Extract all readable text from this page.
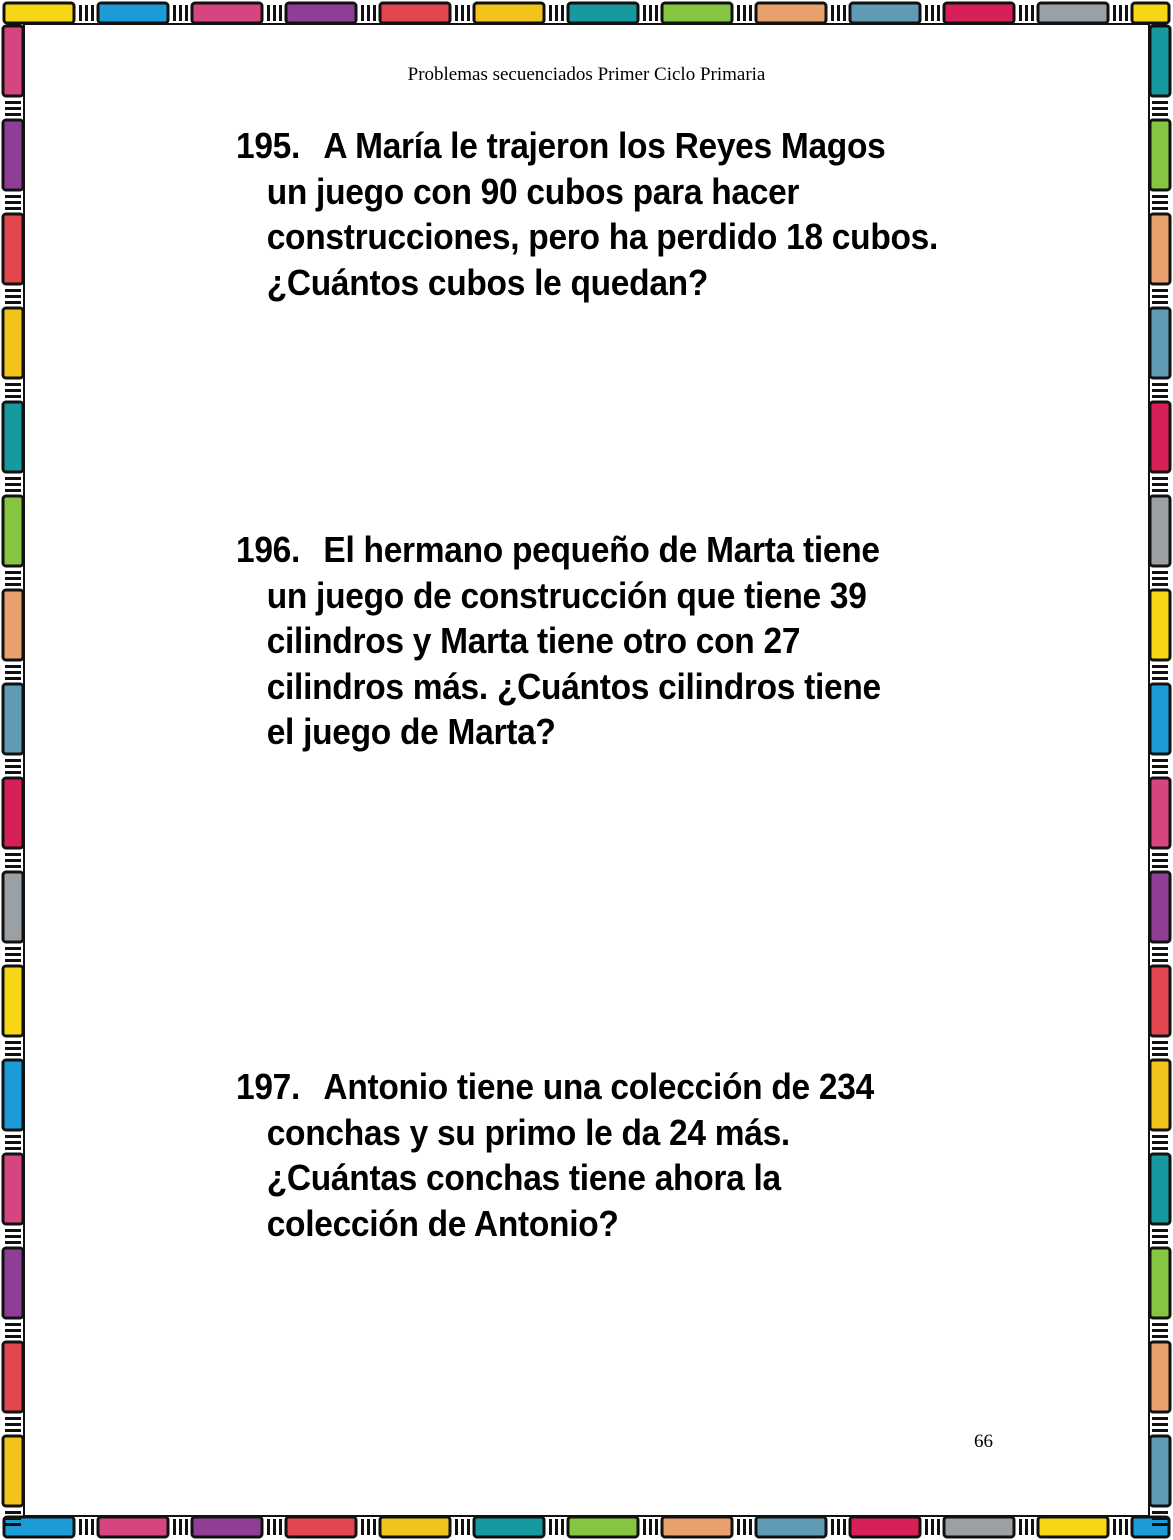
Problemas secuenciados Primer Ciclo Primaria
195. A María le trajeron los Reyes Magos
un juego con 90 cubos para hacer
construcciones, pero ha perdido 18 cubos.
¿Cuántos cubos le quedan?
196. El hermano pequeño de Marta tiene
un juego de construcción que tiene 39
cilindros y Marta tiene otro con 27
cilindros más. ¿Cuántos cilindros tiene
el juego de Marta?
197. Antonio tiene una colección de 234
conchas y su primo le da 24 más.
¿Cuántas conchas tiene ahora la
colección de Antonio?
66
